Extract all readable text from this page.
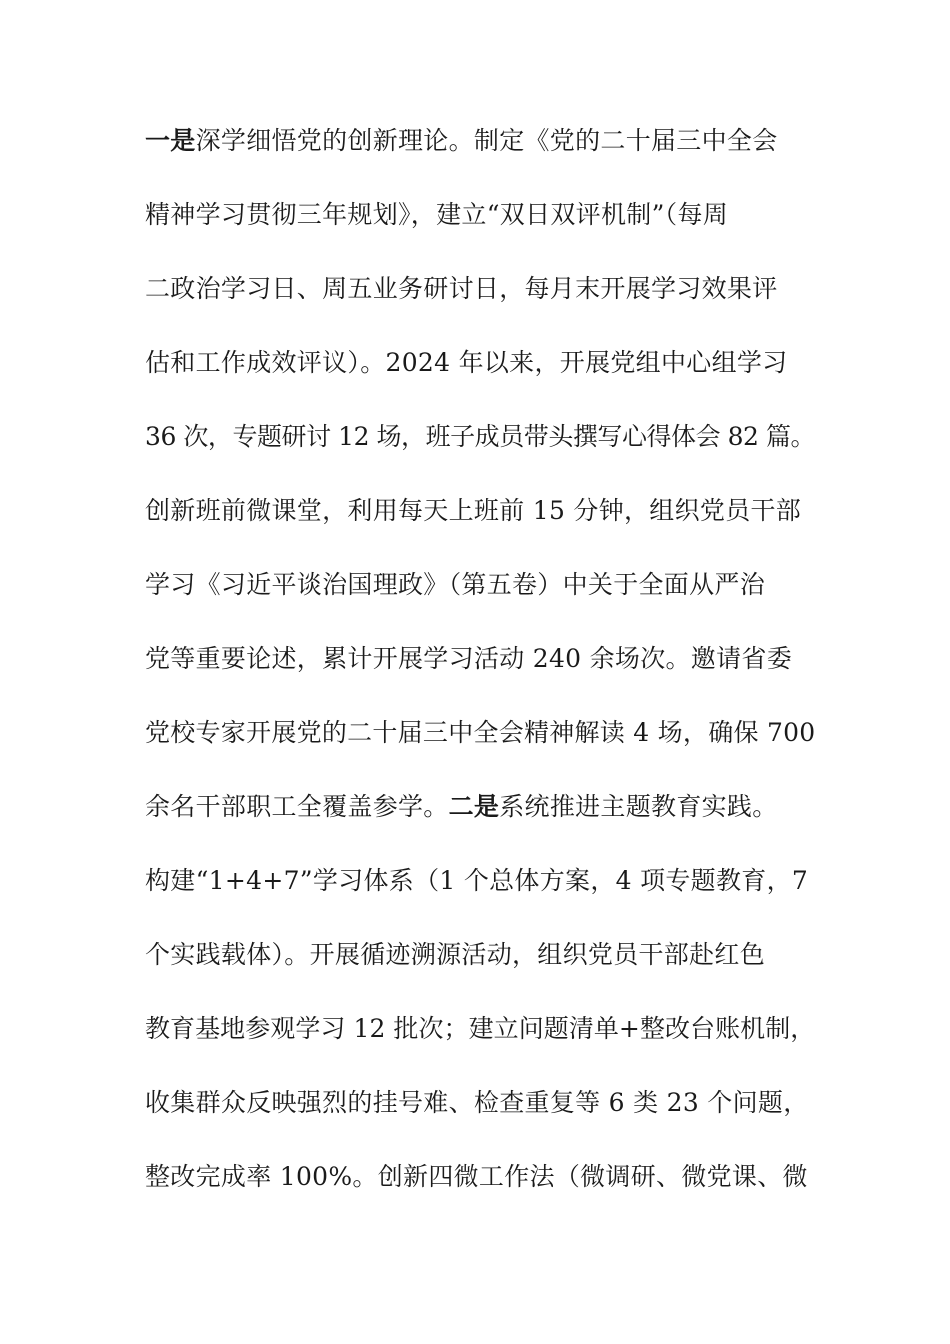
一是深学细悟党的创新理论。制定《党的二十届三中全会
精神学习贯彻三年规划》，建立“双日双评机制”（每周
二政治学习日、周五业务研讨日，每月末开展学习效果评
估和工作成效评议）。2024 年以来，开展党组中心组学习
36 次，专题研讨 12 场，班子成员带头撰写心得体会 82 篇。
创新班前微课堂，利用每天上班前 15 分钟，组织党员干部
学习《习近平谈治国理政》（第五卷）中关于全面从严治
党等重要论述，累计开展学习活动 240 余场次。邀请省委
党校专家开展党的二十届三中全会精神解读 4 场，确保 700
余名干部职工全覆盖参学。二是系统推进主题教育实践。
构建“1+4+7”学习体系（1 个总体方案，4 项专题教育，7
个实践载体）。开展循迹溯源活动，组织党员干部赴红色
教育基地参观学习 12 批次；建立问题清单+整改台账机制，
收集群众反映强烈的挂号难、检查重复等 6 类 23 个问题，
整改完成率 100%。创新四微工作法（微调研、微党课、微
